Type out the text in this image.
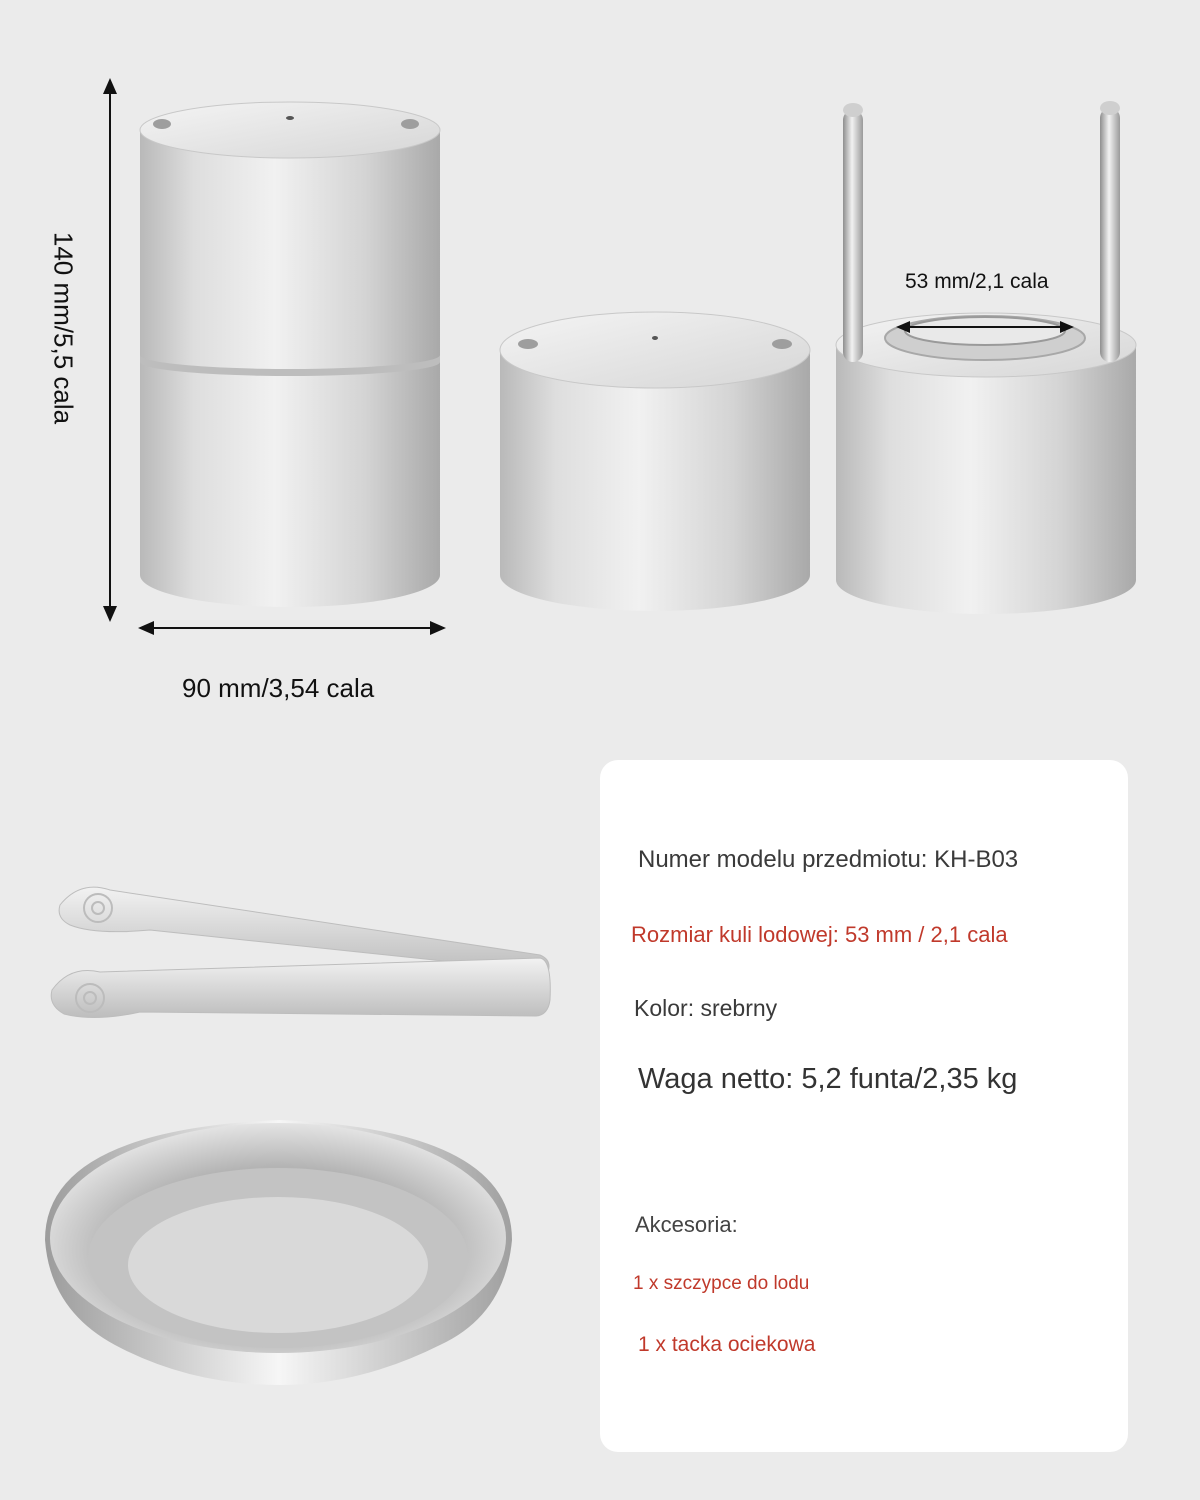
140 mm/5,5 cala
90 mm/3,54 cala
53 mm/2,1 cala
Numer modelu przedmiotu: KH-B03
Rozmiar kuli lodowej: 53 mm / 2,1 cala
Kolor: srebrny
Waga netto: 5,2 funta/2,35 kg
Akcesoria:
1 x szczypce do lodu
1 x tacka ociekowa
